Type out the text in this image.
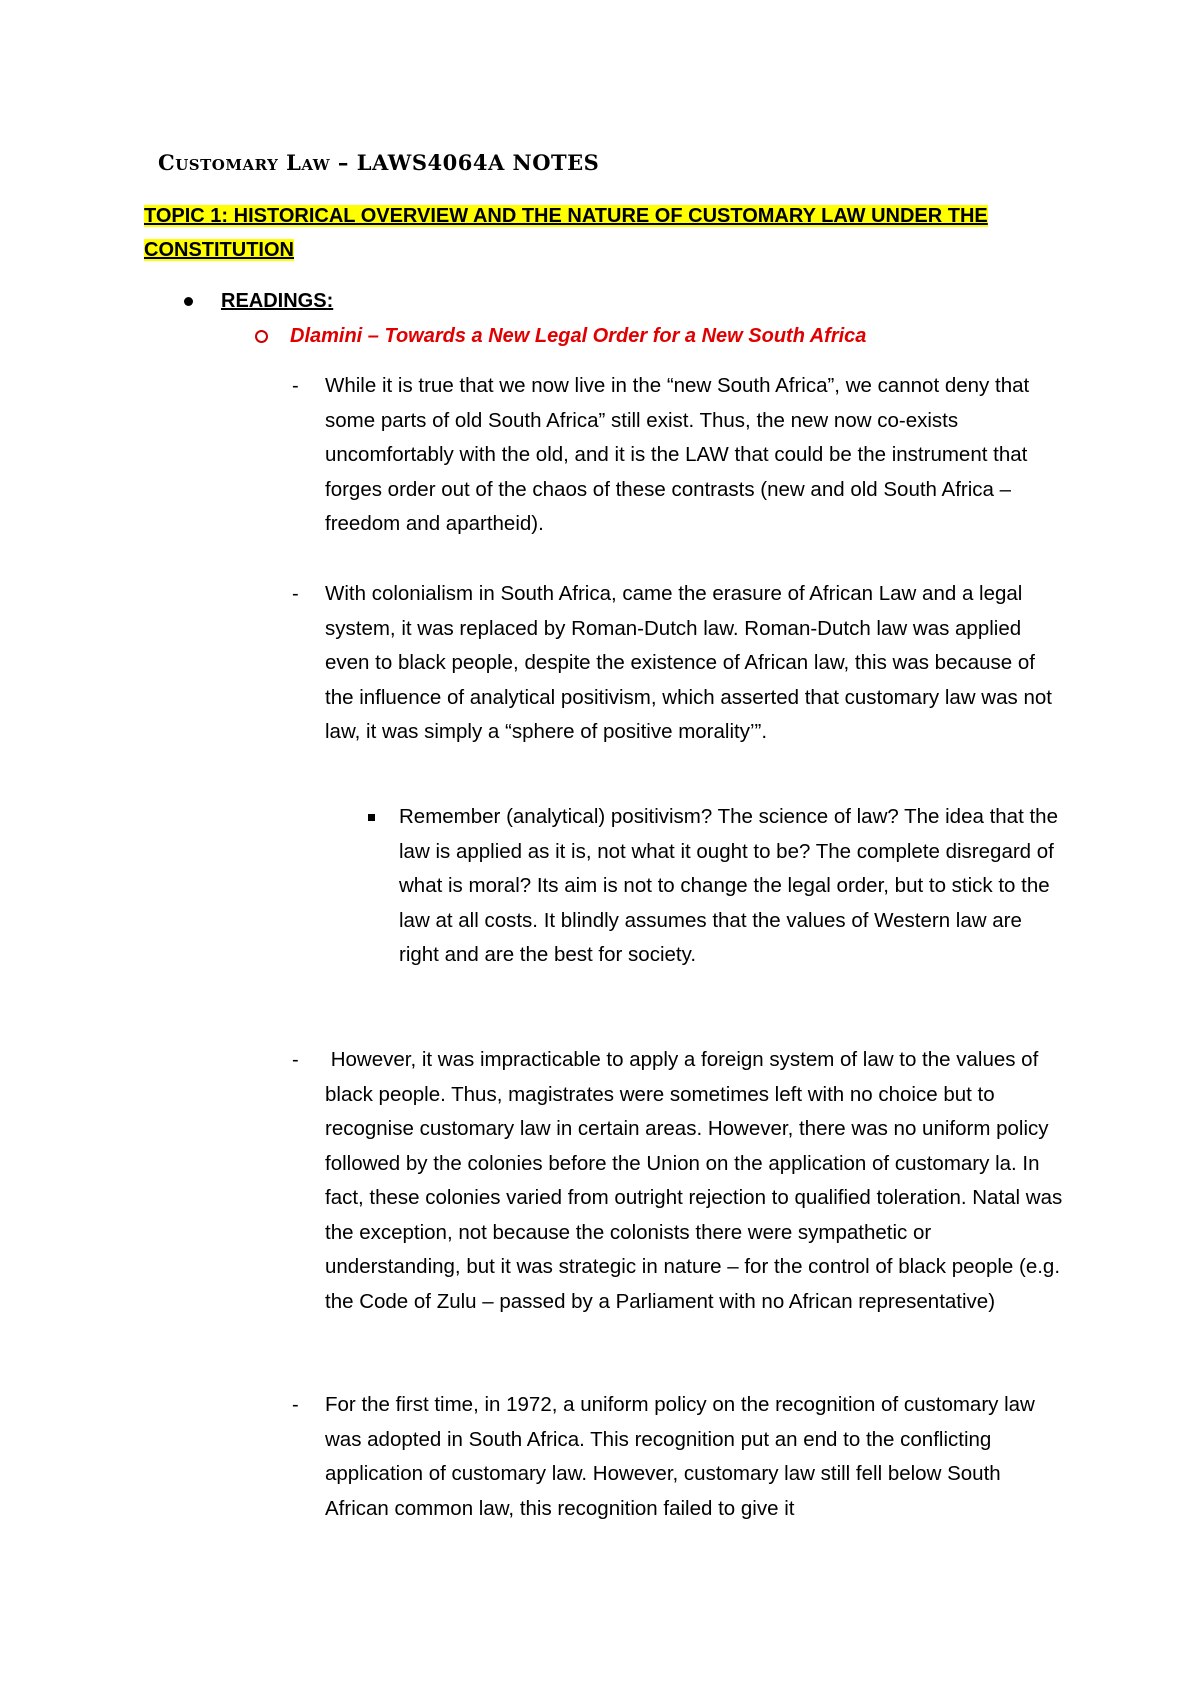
Customary Law – LAWS4064A NOTES
TOPIC 1: HISTORICAL OVERVIEW AND THE NATURE OF CUSTOMARY LAW UNDER THE CONSTITUTION
READINGS:
Dlamini – Towards a New Legal Order for a New South Africa
- While it is true that we now live in the “new South Africa”, we cannot deny that some parts of old South Africa” still exist. Thus, the new now co-exists uncomfortably with the old, and it is the LAW that could be the instrument that forges order out of the chaos of these contrasts (new and old South Africa – freedom and apartheid).

- With colonialism in South Africa, came the erasure of African Law and a legal system, it was replaced by Roman-Dutch law. Roman-Dutch law was applied even to black people, despite the existence of African law, this was because of the influence of analytical positivism, which asserted that customary law was not law, it was simply a “sphere of positive morality’”.

Remember (analytical) positivism? The science of law? The idea that the law is applied as it is, not what it ought to be? The complete disregard of what is moral? Its aim is not to change the legal order, but to stick to the law at all costs. It blindly assumes that the values of Western law are right and are the best for society.

- However, it was impracticable to apply a foreign system of law to the values of black people. Thus, magistrates were sometimes left with no choice but to recognise customary law in certain areas. However, there was no uniform policy followed by the colonies before the Union on the application of customary la. In fact, these colonies varied from outright rejection to qualified toleration. Natal was the exception, not because the colonists there were sympathetic or understanding, but it was strategic in nature – for the control of black people (e.g. the Code of Zulu – passed by a Parliament with no African representative)

- For the first time, in 1972, a uniform policy on the recognition of customary law was adopted in South Africa. This recognition put an end to the conflicting application of customary law. However, customary law still fell below South African common law, this recognition failed to give it
